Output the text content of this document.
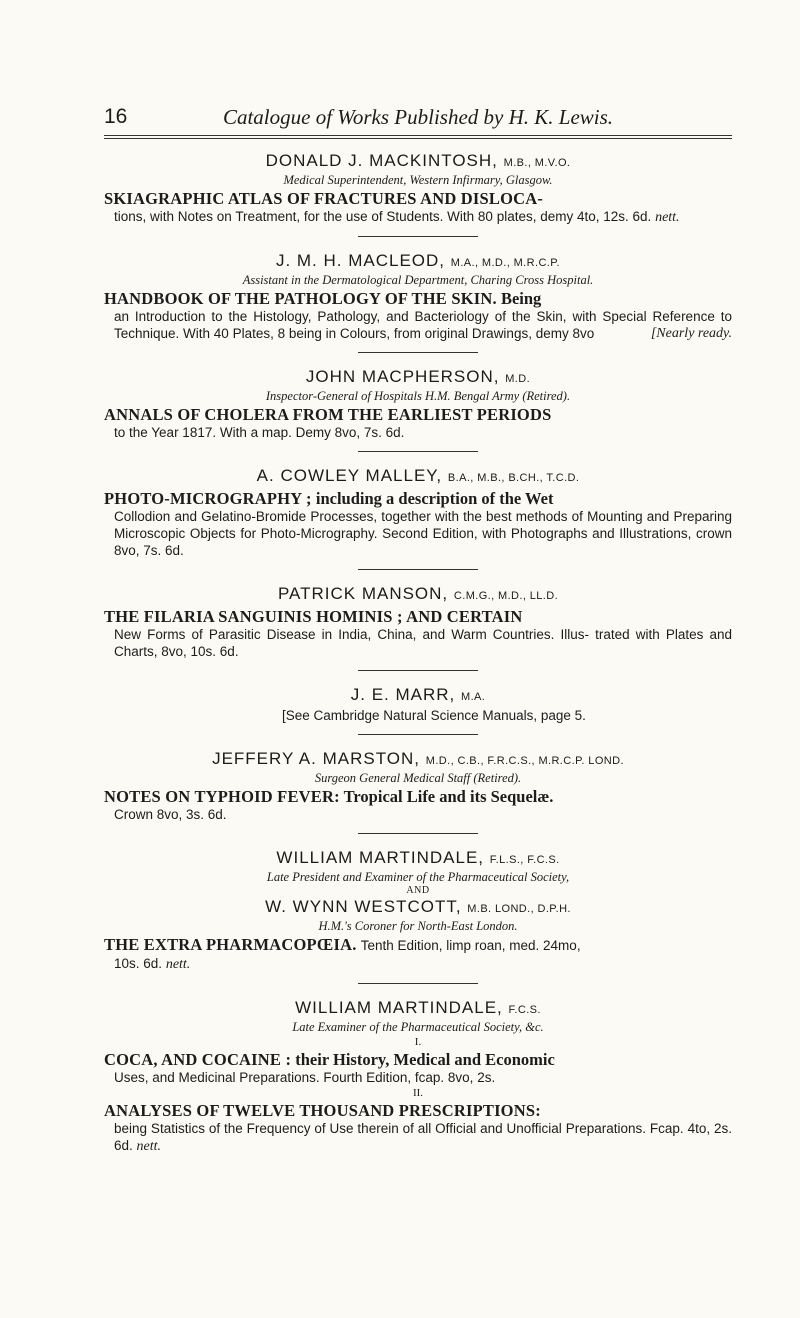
16	Catalogue of Works Published by H. K. Lewis.
DONALD J. MACKINTOSH, M.B., M.V.O.
Medical Superintendent, Western Infirmary, Glasgow.
SKIAGRAPHIC ATLAS OF FRACTURES AND DISLOCA-
tions, with Notes on Treatment, for the use of Students. With 80 plates, demy 4to, 12s. 6d. nett.
J. M. H. MACLEOD, M.A., M.D., M.R.C.P.
Assistant in the Dermatological Department, Charing Cross Hospital.
HANDBOOK OF THE PATHOLOGY OF THE SKIN. Being
an Introduction to the Histology, Pathology, and Bacteriology of the Skin, with Special Reference to Technique. With 40 Plates, 8 being in Colours, from original Drawings, demy 8vo	[Nearly ready.
JOHN MACPHERSON, M.D.
Inspector-General of Hospitals H.M. Bengal Army (Retired).
ANNALS OF CHOLERA FROM THE EARLIEST PERIODS
to the Year 1817. With a map. Demy 8vo, 7s. 6d.
A. COWLEY MALLEY, B.A., M.B., B.CH., T.C.D.
PHOTO-MICROGRAPHY ; including a description of the Wet
Collodion and Gelatino-Bromide Processes, together with the best methods of Mounting and Preparing Microscopic Objects for Photo-Micrography. Second Edition, with Photographs and Illustrations, crown 8vo, 7s. 6d.
PATRICK MANSON, C.M.G., M.D., LL.D.
THE FILARIA SANGUINIS HOMINIS ; AND CERTAIN
New Forms of Parasitic Disease in India, China, and Warm Countries. Illus- trated with Plates and Charts, 8vo, 10s. 6d.
J. E. MARR, M.A.
[See Cambridge Natural Science Manuals, page 5.
JEFFERY A. MARSTON, M.D., C.B., F.R.C.S., M.R.C.P. LOND.
Surgeon General Medical Staff (Retired).
NOTES ON TYPHOID FEVER: Tropical Life and its Sequelæ.
Crown 8vo, 3s. 6d.
WILLIAM MARTINDALE, F.L.S., F.C.S.
Late President and Examiner of the Pharmaceutical Society,
AND
W. WYNN WESTCOTT, M.B. LOND., D.P.H.
H.M.'s Coroner for North-East London.
THE EXTRA PHARMACOPŒIA. Tenth Edition, limp roan, med. 24mo,
10s. 6d. nett.
WILLIAM MARTINDALE, F.C.S.
Late Examiner of the Pharmaceutical Society, &c.
I.
COCA, AND COCAINE : their History, Medical and Economic
Uses, and Medicinal Preparations. Fourth Edition, fcap. 8vo, 2s.
II.
ANALYSES OF TWELVE THOUSAND PRESCRIPTIONS:
being Statistics of the Frequency of Use therein of all Official and Unofficial Preparations. Fcap. 4to, 2s. 6d. nett.
